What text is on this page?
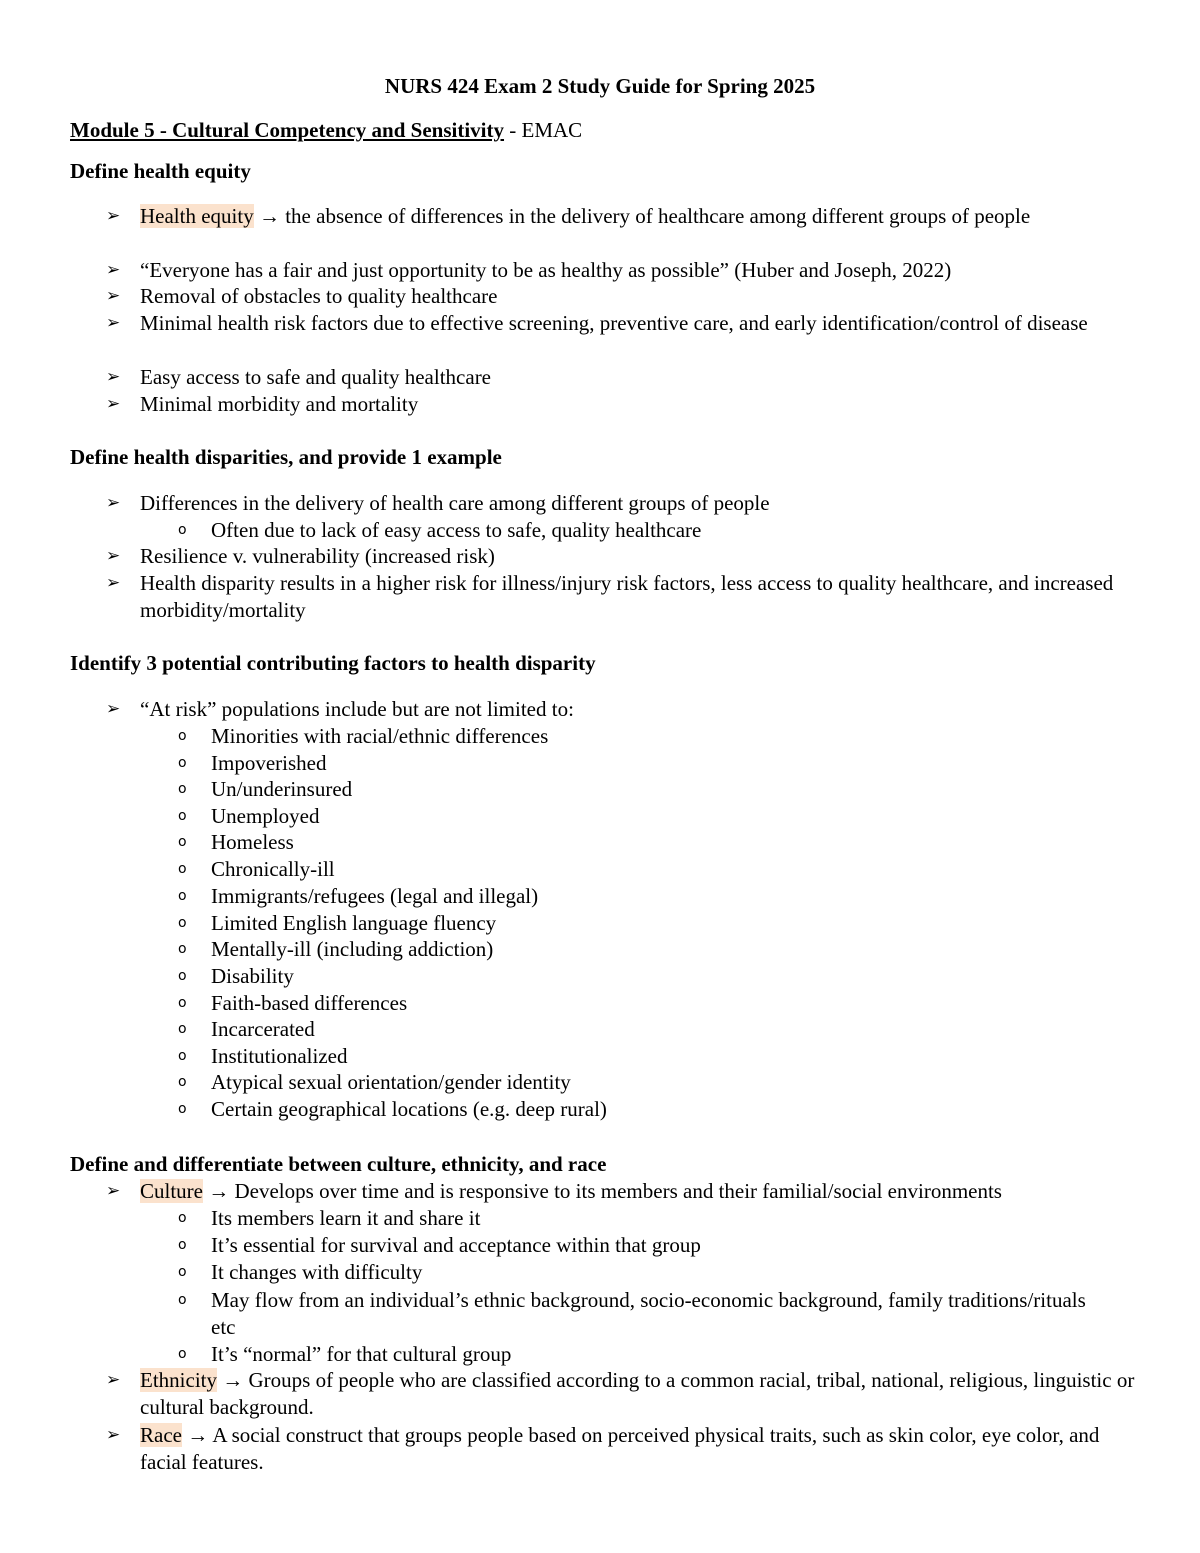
NURS 424 Exam 2 Study Guide for Spring 2025
Module 5 - Cultural Competency and Sensitivity - EMAC
Define health equity
➢ Health equity → the absence of differences in the delivery of healthcare among different groups of people
➢ “Everyone has a fair and just opportunity to be as healthy as possible” (Huber and Joseph, 2022)
➢ Removal of obstacles to quality healthcare
➢ Minimal health risk factors due to effective screening, preventive care, and early identification/control of disease
➢ Easy access to safe and quality healthcare
➢ Minimal morbidity and mortality
Define health disparities, and provide 1 example
➢ Differences in the delivery of health care among different groups of people
o	Often due to lack of easy access to safe, quality healthcare
➢ Resilience v. vulnerability (increased risk)
➢ Health disparity results in a higher risk for illness/injury risk factors, less access to quality healthcare, and increased morbidity/mortality
Identify 3 potential contributing factors to health disparity
➢ “At risk” populations include but are not limited to:
o	Minorities with racial/ethnic differences
o	Impoverished
o	Un/underinsured
o	Unemployed
o	Homeless
o	Chronically-ill
o	Immigrants/refugees (legal and illegal)
o	Limited English language fluency
o	Mentally-ill (including addiction)
o	Disability
o	Faith-based differences
o	Incarcerated
o	Institutionalized
o	Atypical sexual orientation/gender identity
o	Certain geographical locations (e.g. deep rural)
Define and differentiate between culture, ethnicity, and race
➢ Culture → Develops over time and is responsive to its members and their familial/social environments
o	Its members learn it and share it
o	It’s essential for survival and acceptance within that group
o	It changes with difficulty
o	May flow from an individual’s ethnic background, socio-economic background, family traditions/rituals etc
o	It’s “normal” for that cultural group
➢ Ethnicity → Groups of people who are classified according to a common racial, tribal, national, religious, linguistic or cultural background.
➢ Race → A social construct that groups people based on perceived physical traits, such as skin color, eye color, and facial features.
